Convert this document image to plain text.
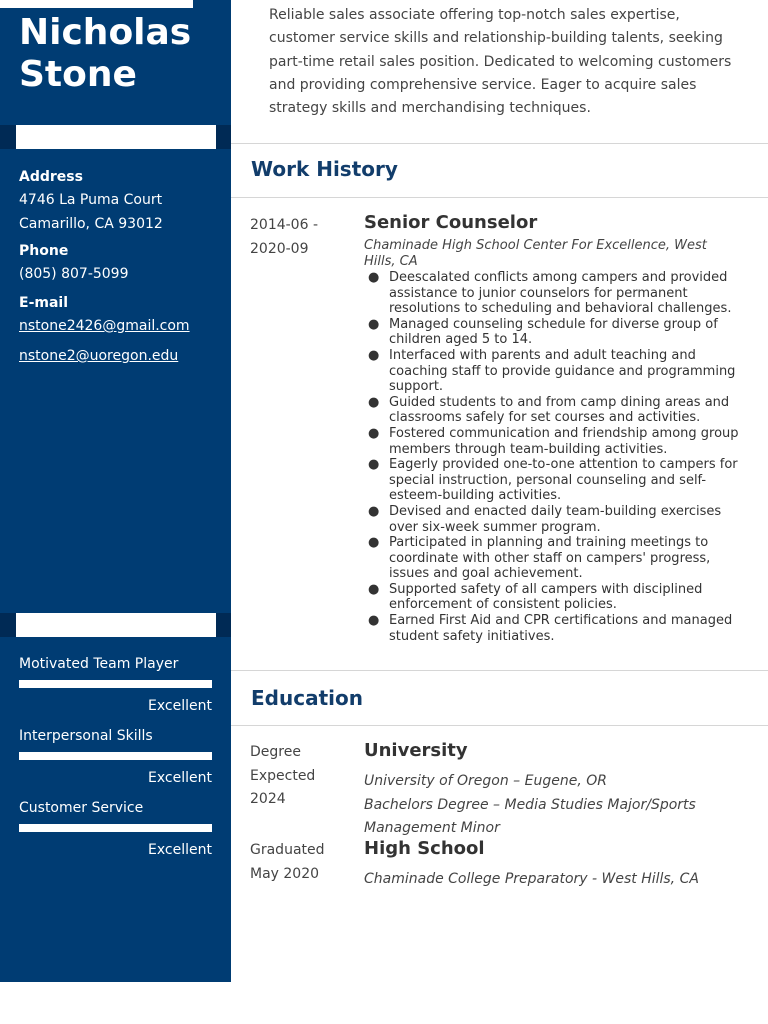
Nicholas
Stone
Address
4746 La Puma Court
Camarillo, CA 93012
Phone
(805) 807-5099
E-mail
nstone2426@gmail.com
nstone2@uoregon.edu
Motivated Team Player
Excellent
Interpersonal Skills
Excellent
Customer Service
Excellent
Reliable sales associate offering top-notch sales expertise, customer service skills and relationship-building talents, seeking part-time retail sales position. Dedicated to welcoming customers and providing comprehensive service. Eager to acquire sales strategy skills and merchandising techniques.
Work History
2014-06 -
2020-09
Senior Counselor
Chaminade High School Center For Excellence, West Hills, CA
● Deescalated conflicts among campers and provided assistance to junior counselors for permanent resolutions to scheduling and behavioral challenges.
● Managed counseling schedule for diverse group of children aged 5 to 14.
● Interfaced with parents and adult teaching and coaching staff to provide guidance and programming support.
● Guided students to and from camp dining areas and classrooms safely for set courses and activities.
● Fostered communication and friendship among group members through team-building activities.
● Eagerly provided one-to-one attention to campers for special instruction, personal counseling and self-esteem-building activities.
● Devised and enacted daily team-building exercises over six-week summer program.
● Participated in planning and training meetings to coordinate with other staff on campers' progress, issues and goal achievement.
● Supported safety of all campers with disciplined enforcement of consistent policies.
● Earned First Aid and CPR certifications and managed student safety initiatives.
Education
Degree
Expected
2024
University
University of Oregon – Eugene, OR
Bachelors Degree – Media Studies Major/Sports
Management Minor
Graduated
May 2020
High School
Chaminade College Preparatory - West Hills, CA
